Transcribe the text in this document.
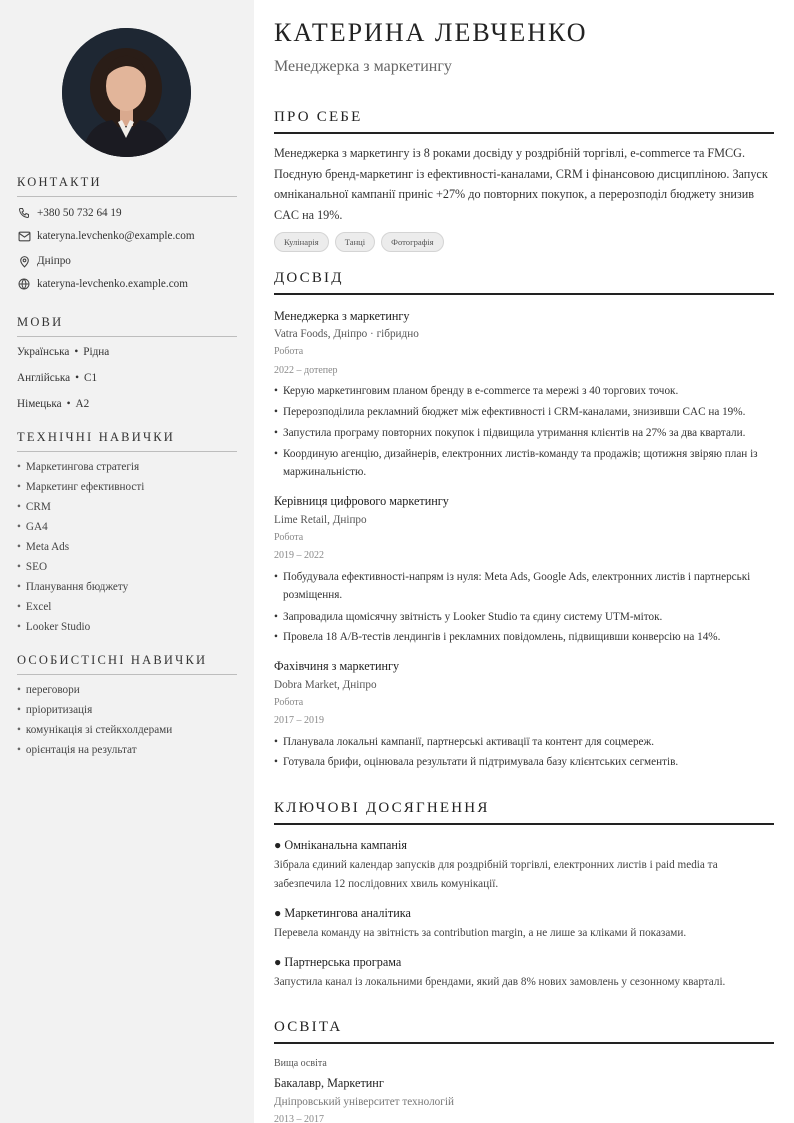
КОНТАКТИ
+380 50 732 64 19
kateryna.levchenko@example.com
Дніпро
kateryna-levchenko.example.com
МОВИ
Українська • Рідна
Англійська • C1
Німецька • A2
ТЕХНІЧНІ НАВИЧКИ
• Маркетингова стратегія
• Маркетинг ефективності
• CRM
• GA4
• Meta Ads
• SEO
• Планування бюджету
• Excel
• Looker Studio
ОСОБИСТІСНІ НАВИЧКИ
• переговори
• пріоритизація
• комунікація зі стейкхолдерами
• орієнтація на результат
КАТЕРИНА ЛЕВЧЕНКО
Менеджерка з маркетингу
ПРО СЕБЕ
Менеджерка з маркетингу із 8 роками досвіду у роздрібній торгівлі, e-commerce та FMCG. Поєдную бренд-маркетинг із ефективності-каналами, CRM і фінансовою дисципліною. Запуск омніканальної кампанії приніс +27% до повторних покупок, а перерозподіл бюджету знизив CAC на 19%.
Кулінарія	Танці	Фотографія
ДОСВІД
Менеджерка з маркетингу
Vatra Foods, Дніпро · гібридно
Робота
2022 – дотепер
• Керую маркетинговим планом бренду в e-commerce та мережі з 40 торгових точок.
• Перерозподілила рекламний бюджет між ефективності і CRM-каналами, знизивши CAC на 19%.
• Запустила програму повторних покупок і підвищила утримання клієнтів на 27% за два квартали.
• Координую агенцію, дизайнерів, електронних листів-команду та продажів; щотижня звіряю план із маржинальністю.
Керівниця цифрового маркетингу
Lime Retail, Дніпро
Робота
2019 – 2022
• Побудувала ефективності-напрям із нуля: Meta Ads, Google Ads, електронних листів і партнерські розміщення.
• Запровадила щомісячну звітність у Looker Studio та єдину систему UTM-міток.
• Провела 18 A/B-тестів лендингів і рекламних повідомлень, підвищивши конверсію на 14%.
Фахівчиня з маркетингу
Dobra Market, Дніпро
Робота
2017 – 2019
• Планувала локальні кампанії, партнерські активації та контент для соцмереж.
• Готувала брифи, оцінювала результати й підтримувала базу клієнтських сегментів.
КЛЮЧОВІ ДОСЯГНЕННЯ
● Омніканальна кампанія
Зібрала єдиний календар запусків для роздрібній торгівлі, електронних листів і paid media та забезпечила 12 послідовних хвиль комунікації.
● Маркетингова аналітика
Перевела команду на звітність за contribution margin, а не лише за кліками й показами.
● Партнерська програма
Запустила канал із локальними брендами, який дав 8% нових замовлень у сезонному кварталі.
ОСВІТА
Вища освіта
Бакалавр, Маркетинг
Дніпровський університет технологій
2013 – 2017
